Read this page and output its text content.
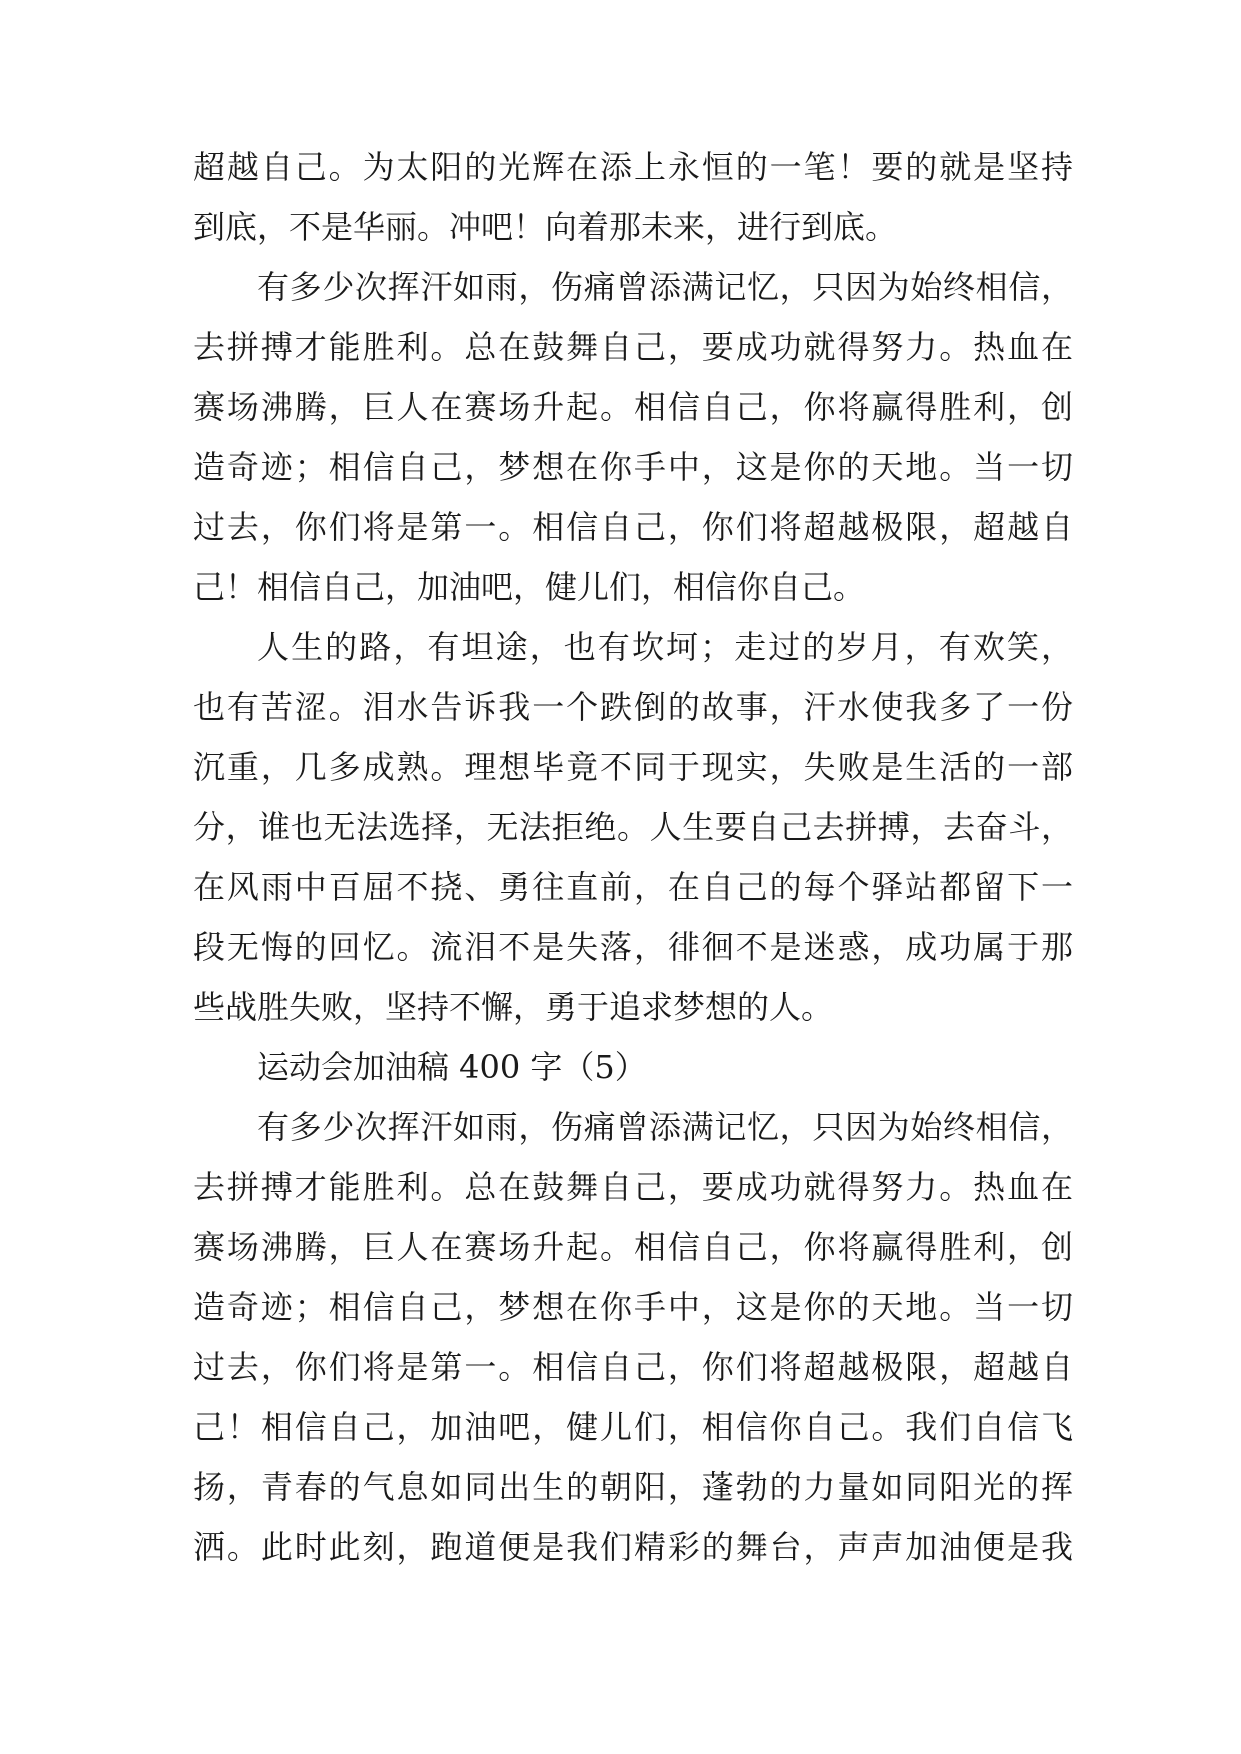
超越自己。为太阳的光辉在添上永恒的一笔！要的就是坚持
到底，不是华丽。冲吧！向着那未来，进行到底。
有多少次挥汗如雨，伤痛曾添满记忆，只因为始终相信，
去拼搏才能胜利。总在鼓舞自己，要成功就得努力。热血在
赛场沸腾，巨人在赛场升起。相信自己，你将赢得胜利，创
造奇迹；相信自己，梦想在你手中，这是你的天地。当一切
过去，你们将是第一。相信自己，你们将超越极限，超越自
己！相信自己，加油吧，健儿们，相信你自己。
人生的路，有坦途，也有坎坷；走过的岁月，有欢笑，
也有苦涩。泪水告诉我一个跌倒的故事，汗水使我多了一份
沉重，几多成熟。理想毕竟不同于现实，失败是生活的一部
分，谁也无法选择，无法拒绝。人生要自己去拼搏，去奋斗，
在风雨中百屈不挠、勇往直前，在自己的每个驿站都留下一
段无悔的回忆。流泪不是失落，徘徊不是迷惑，成功属于那
些战胜失败，坚持不懈，勇于追求梦想的人。
运动会加油稿 400 字（5）
有多少次挥汗如雨，伤痛曾添满记忆，只因为始终相信，
去拼搏才能胜利。总在鼓舞自己，要成功就得努力。热血在
赛场沸腾，巨人在赛场升起。相信自己，你将赢得胜利，创
造奇迹；相信自己，梦想在你手中，这是你的天地。当一切
过去，你们将是第一。相信自己，你们将超越极限，超越自
己！相信自己，加油吧，健儿们，相信你自己。我们自信飞
扬，青春的气息如同出生的朝阳，蓬勃的力量如同阳光的挥
洒。此时此刻，跑道便是我们精彩的舞台，声声加油便是我
